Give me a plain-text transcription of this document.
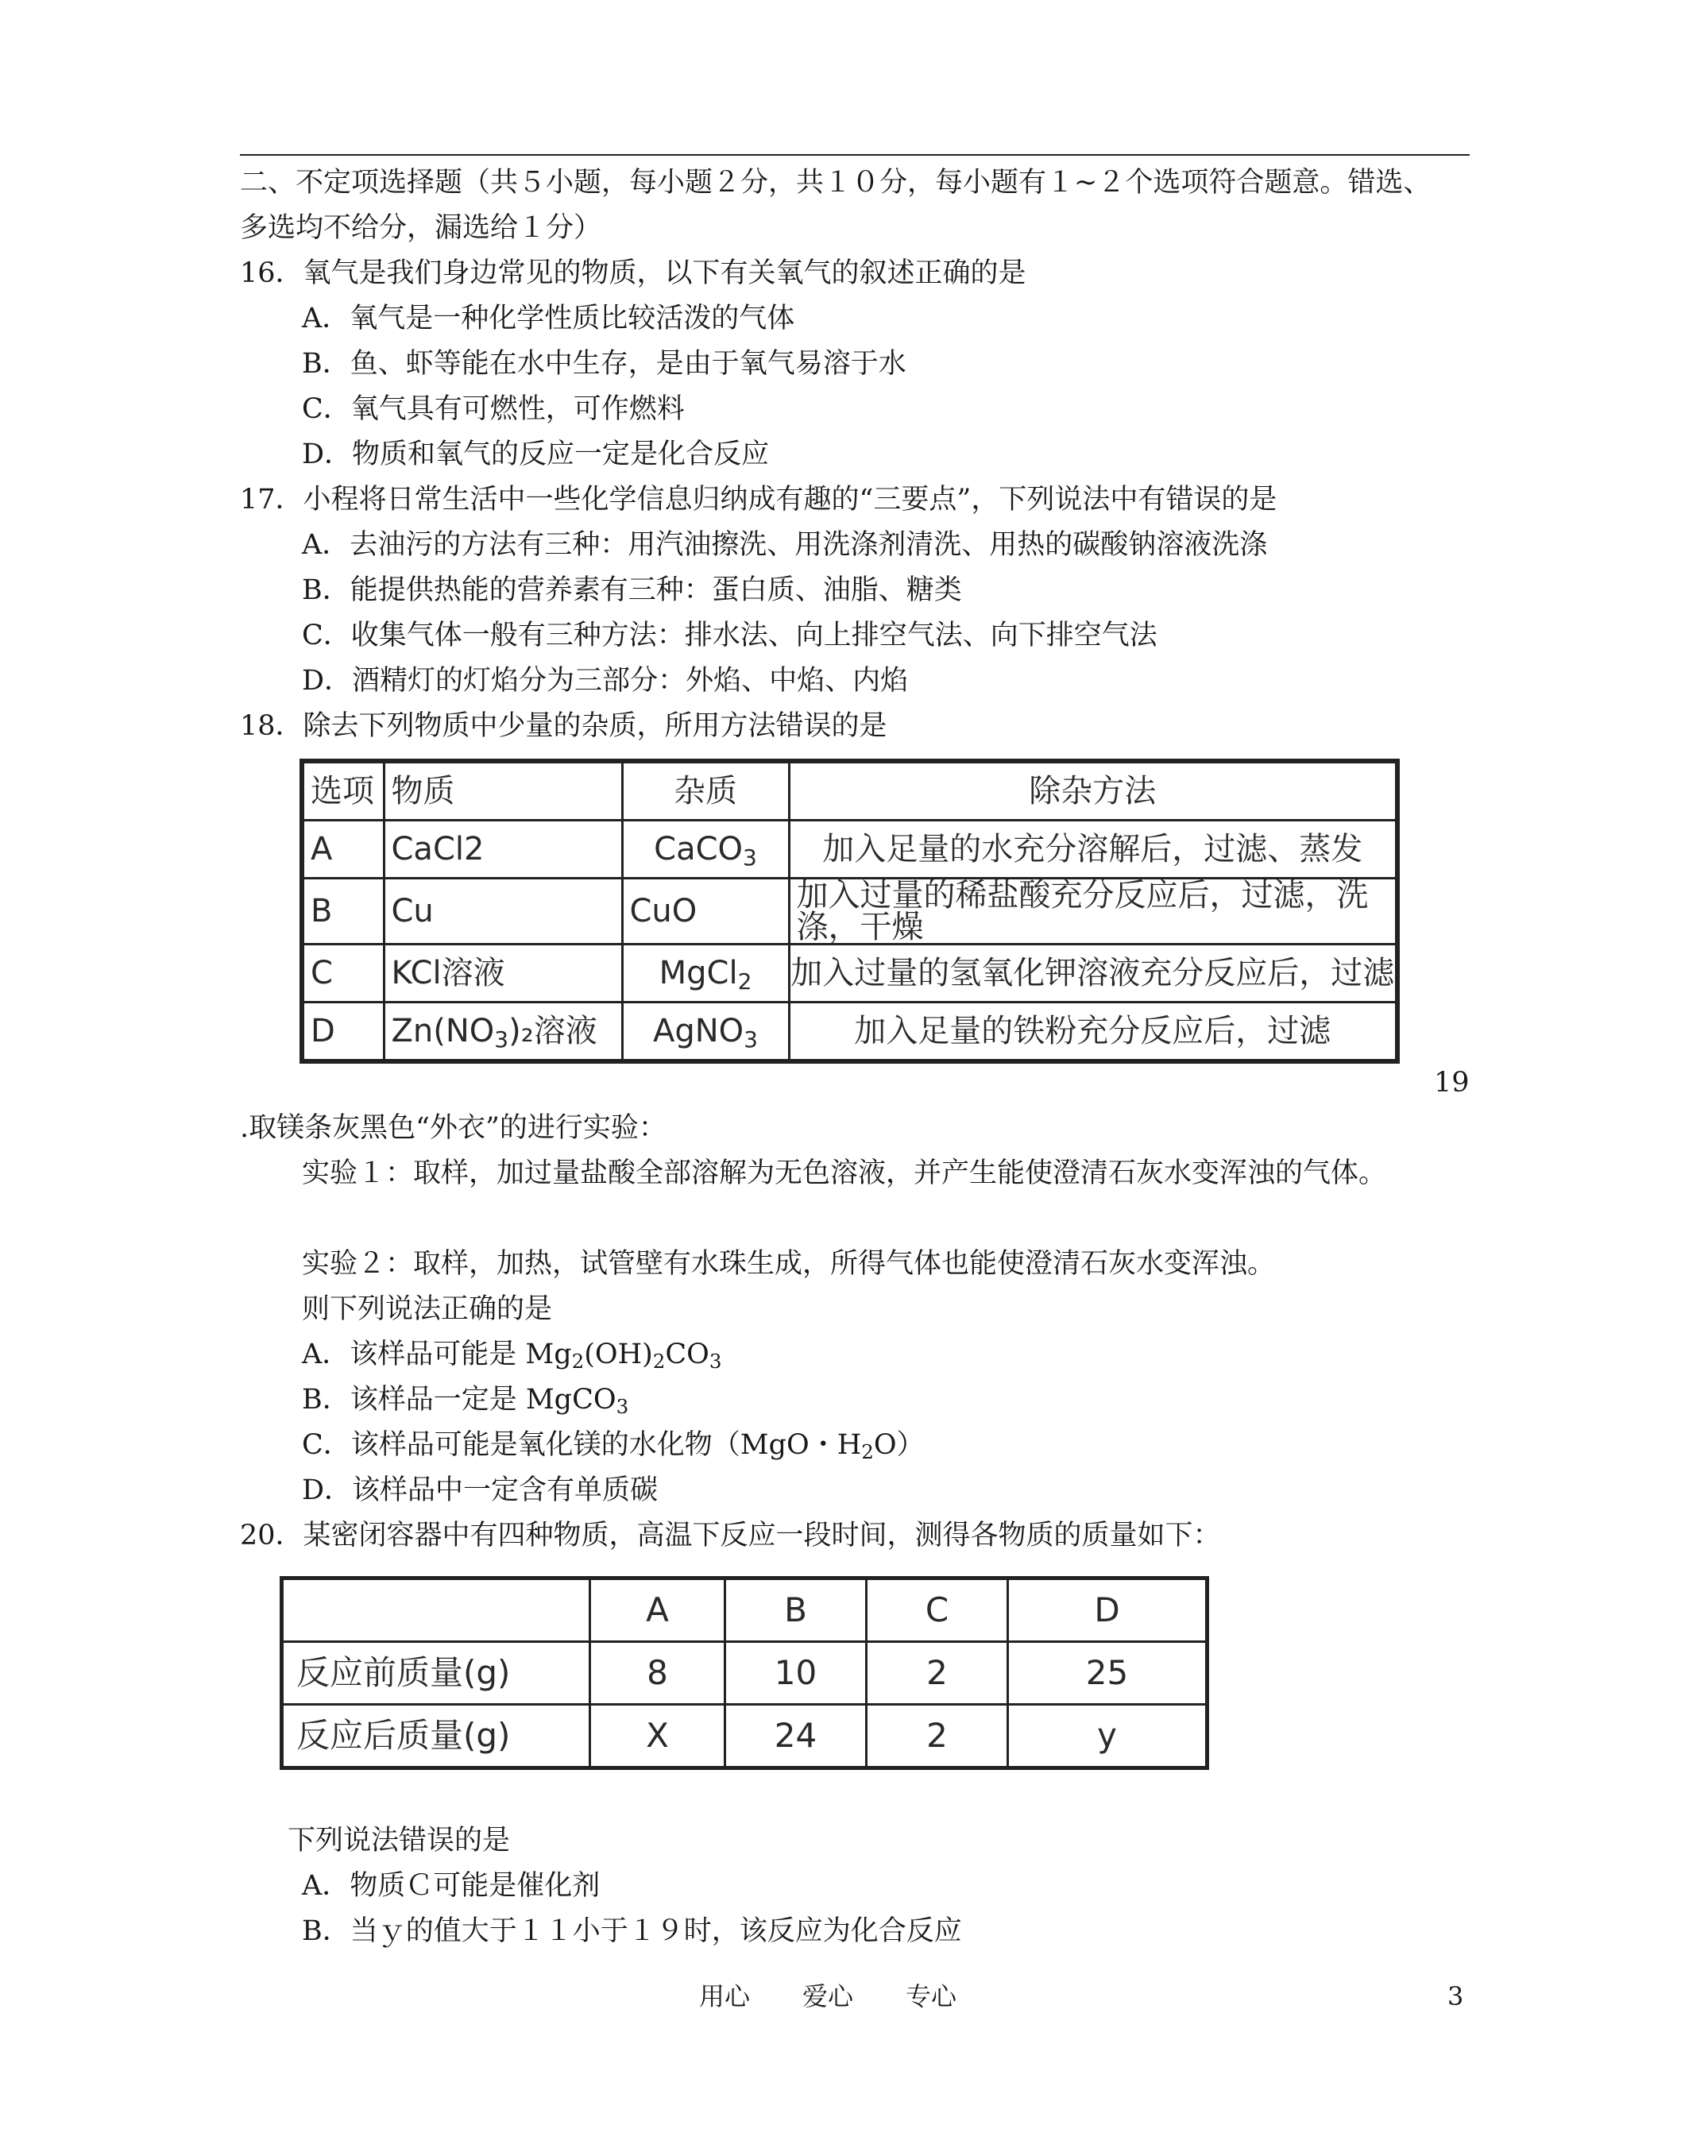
二、不定项选择题（共５小题，每小题２分，共１０分，每小题有１~２个选项符合题意。错选、
多选均不给分，漏选给１分）
16．氧气是我们身边常见的物质，以下有关氧气的叙述正确的是
A．氧气是一种化学性质比较活泼的气体
B．鱼、虾等能在水中生存，是由于氧气易溶于水
C．氧气具有可燃性，可作燃料
D．物质和氧气的反应一定是化合反应
17．小程将日常生活中一些化学信息归纳成有趣的“三要点”，下列说法中有错误的是
A．去油污的方法有三种：用汽油擦洗、用洗涤剂清洗、用热的碳酸钠溶液洗涤
B．能提供热能的营养素有三种：蛋白质、油脂、糖类
C．收集气体一般有三种方法：排水法、向上排空气法、向下排空气法
D．酒精灯的灯焰分为三部分：外焰、中焰、内焰
18．除去下列物质中少量的杂质，所用方法错误的是
选项	物质	杂质	除杂方法
A	CaCl2	CaCO$_3$	加入足量的水充分溶解后，过滤、蒸发
B	Cu	CuO	加入过量的稀盐酸充分反应后，过滤，洗涤，干燥
C	KCl溶液	MgCl$_2$	加入过量的氢氧化钾溶液充分反应后，过滤
D	$Zn(NO_3)_2$溶液	AgNO$_3$	加入足量的铁粉充分反应后，过滤
19
.取镁条灰黑色“外衣”的进行实验：
实验１：取样，加过量盐酸全部溶解为无色溶液，并产生能使澄清石灰水变浑浊的气体。
实验２：取样，加热，试管壁有水珠生成，所得气体也能使澄清石灰水变浑浊。
则下列说法正确的是
A．该样品可能是 $Mg_2(OH)_2CO_3$
B．该样品一定是 MgCO$_3$
C．该样品可能是氧化镁的水化物（MgO・$H_2O$）
D．该样品中一定含有单质碳
20．某密闭容器中有四种物质，高温下反应一段时间，测得各物质的质量如下：
	A	B	C	D
反应前质量(g)	8	10	2	25
反应后质量(g)	X	24	2	y
下列说法错误的是
A．物质Ｃ可能是催化剂
B．当ｙ的值大于１１小于１９时，该反应为化合反应
用心 爱心 专心	3
